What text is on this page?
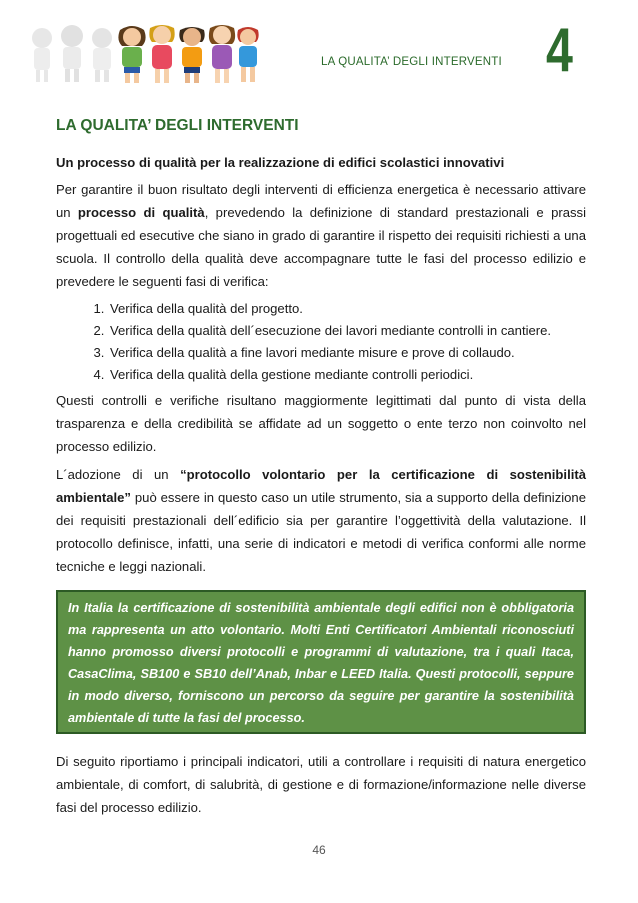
LA QUALITA’ DEGLI INTERVENTI 4
LA QUALITA’ DEGLI INTERVENTI
Un processo di qualità per la realizzazione di edifici scolastici innovativi

Per garantire il buon risultato degli interventi di efficienza energetica è necessario attivare un processo di qualità, prevedendo la definizione di standard prestazionali e prassi progettuali ed esecutive che siano in grado di garantire il rispetto dei requisiti richiesti a una scuola. Il controllo della qualità deve accompagnare tutte le fasi del processo edilizio e prevedere le seguenti fasi di verifica:

1. Verifica della qualità del progetto.
2. Verifica della qualità dell´esecuzione dei lavori mediante controlli in cantiere.
3. Verifica della qualità a fine lavori mediante misure e prove di collaudo.
4. Verifica della qualità della gestione mediante controlli periodici.

Questi controlli e verifiche risultano maggiormente legittimati dal punto di vista della trasparenza e della credibilità se affidate ad un soggetto o ente terzo non coinvolto nel processo edilizio.

L´adozione di un “protocollo volontario per la certificazione di sostenibilità ambientale” può essere in questo caso un utile strumento, sia a supporto della definizione dei requisiti prestazionali dell´edificio sia per garantire l’oggettività della valutazione. Il protocollo definisce, infatti, una serie di indicatori e metodi di verifica conformi alle norme tecniche e leggi nazionali.

In Italia la certificazione di sostenibilità ambientale degli edifici non è obbligatoria ma rappresenta un atto volontario. Molti Enti Certificatori Ambientali riconosciuti hanno promosso diversi protocolli e programmi di valutazione, tra i quali Itaca, CasaClima, SB100 e SB10 dell’Anab, Inbar e LEED Italia. Questi protocolli, seppure in modo diverso, forniscono un percorso da seguire per garantire la sostenibilità ambientale di tutte la fasi del processo.

Di seguito riportiamo i principali indicatori, utili a controllare i requisiti di natura energetico ambientale, di comfort, di salubrità, di gestione e di formazione/informazione nelle diverse fasi del processo edilizio.

46
